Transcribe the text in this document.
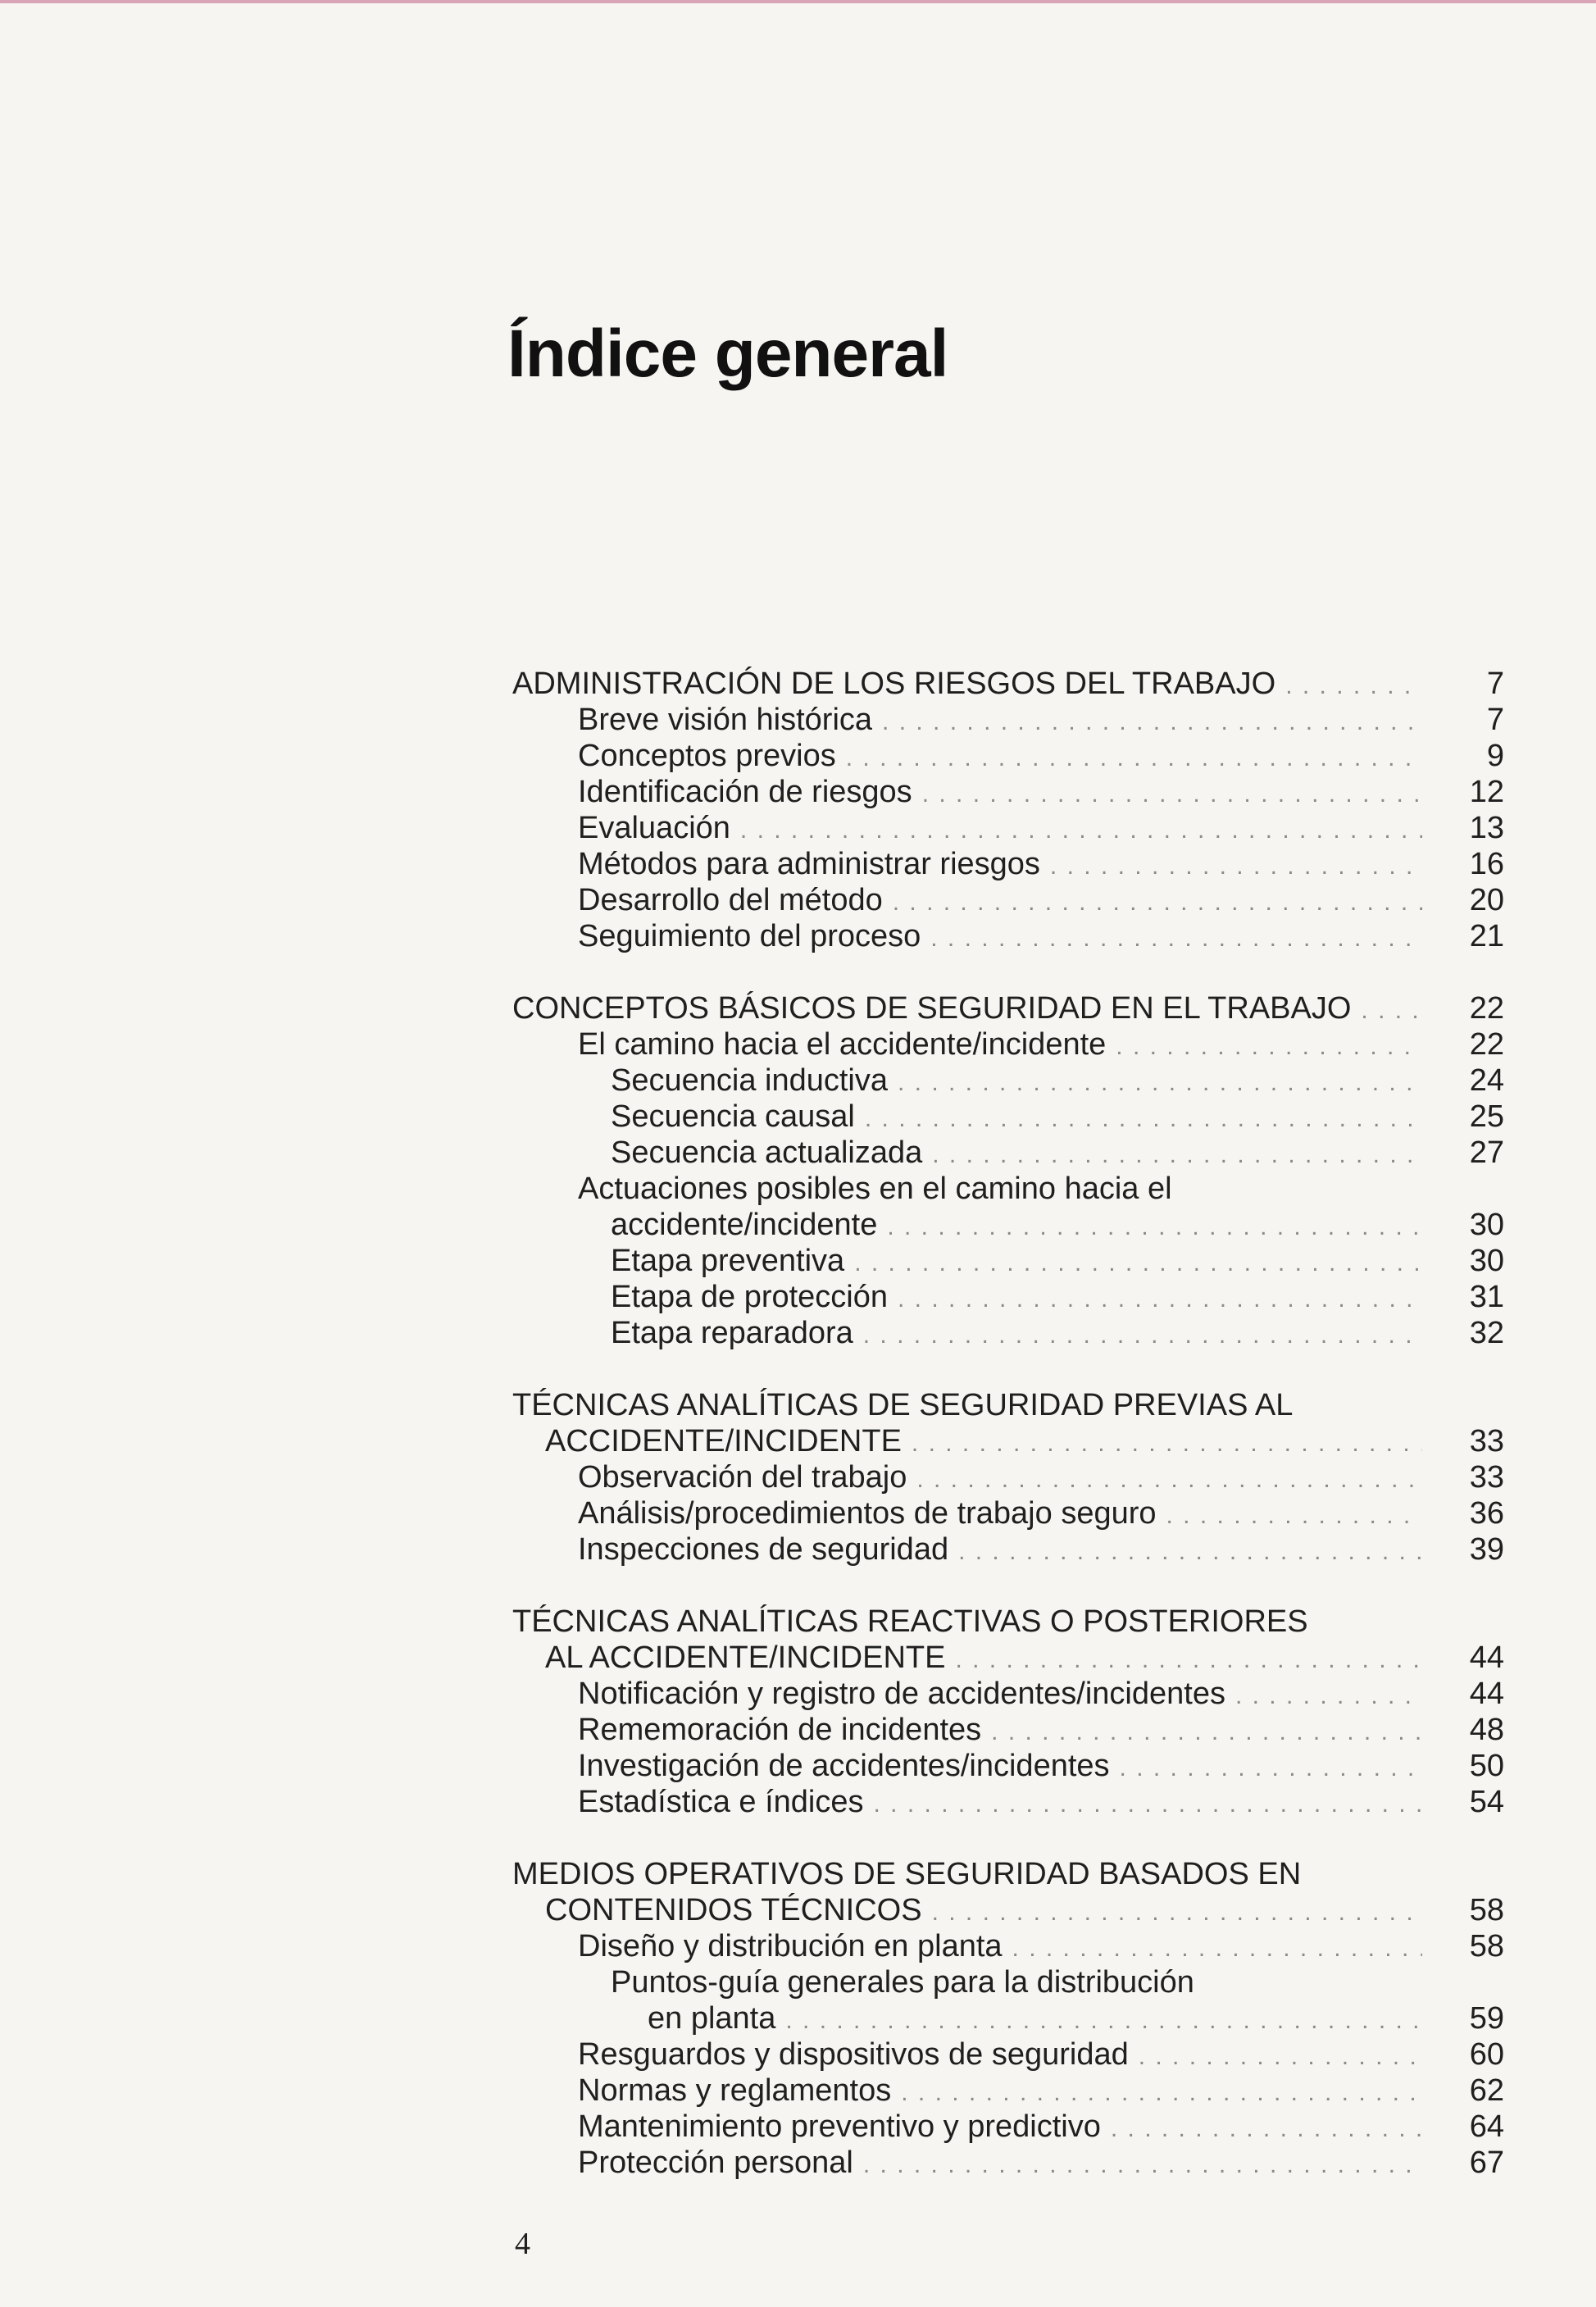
Índice general
ADMINISTRACIÓN DE LOS RIESGOS DEL TRABAJO . . .	7
Breve visión histórica . . .	7
Conceptos previos . . .	9
Identificación de riesgos . . .	12
Evaluación . . .	13
Métodos para administrar riesgos . . .	16
Desarrollo del método . . .	20
Seguimiento del proceso . . .	21
CONCEPTOS BÁSICOS DE SEGURIDAD EN EL TRABAJO . . .	22
El camino hacia el accidente/incidente . . .	22
Secuencia inductiva . . .	24
Secuencia causal . . .	25
Secuencia actualizada . . .	27
Actuaciones posibles en el camino hacia el
accidente/incidente . . .	30
Etapa preventiva . . .	30
Etapa de protección . . .	31
Etapa reparadora . . .	32
TÉCNICAS ANALÍTICAS DE SEGURIDAD PREVIAS AL
ACCIDENTE/INCIDENTE . . .	33
Observación del trabajo . . .	33
Análisis/procedimientos de trabajo seguro . . .	36
Inspecciones de seguridad . . .	39
TÉCNICAS ANALÍTICAS REACTIVAS O POSTERIORES
AL ACCIDENTE/INCIDENTE . . .	44
Notificación y registro de accidentes/incidentes . . .	44
Rememoración de incidentes . . .	48
Investigación de accidentes/incidentes . . .	50
Estadística e índices . . .	54
MEDIOS OPERATIVOS DE SEGURIDAD BASADOS EN
CONTENIDOS TÉCNICOS . . .	58
Diseño y distribución en planta . . .	58
Puntos-guía generales para la distribución
en planta . . .	59
Resguardos y dispositivos de seguridad . . .	60
Normas y reglamentos . . .	62
Mantenimiento preventivo y predictivo . . .	64
Protección personal . . .	67
4
